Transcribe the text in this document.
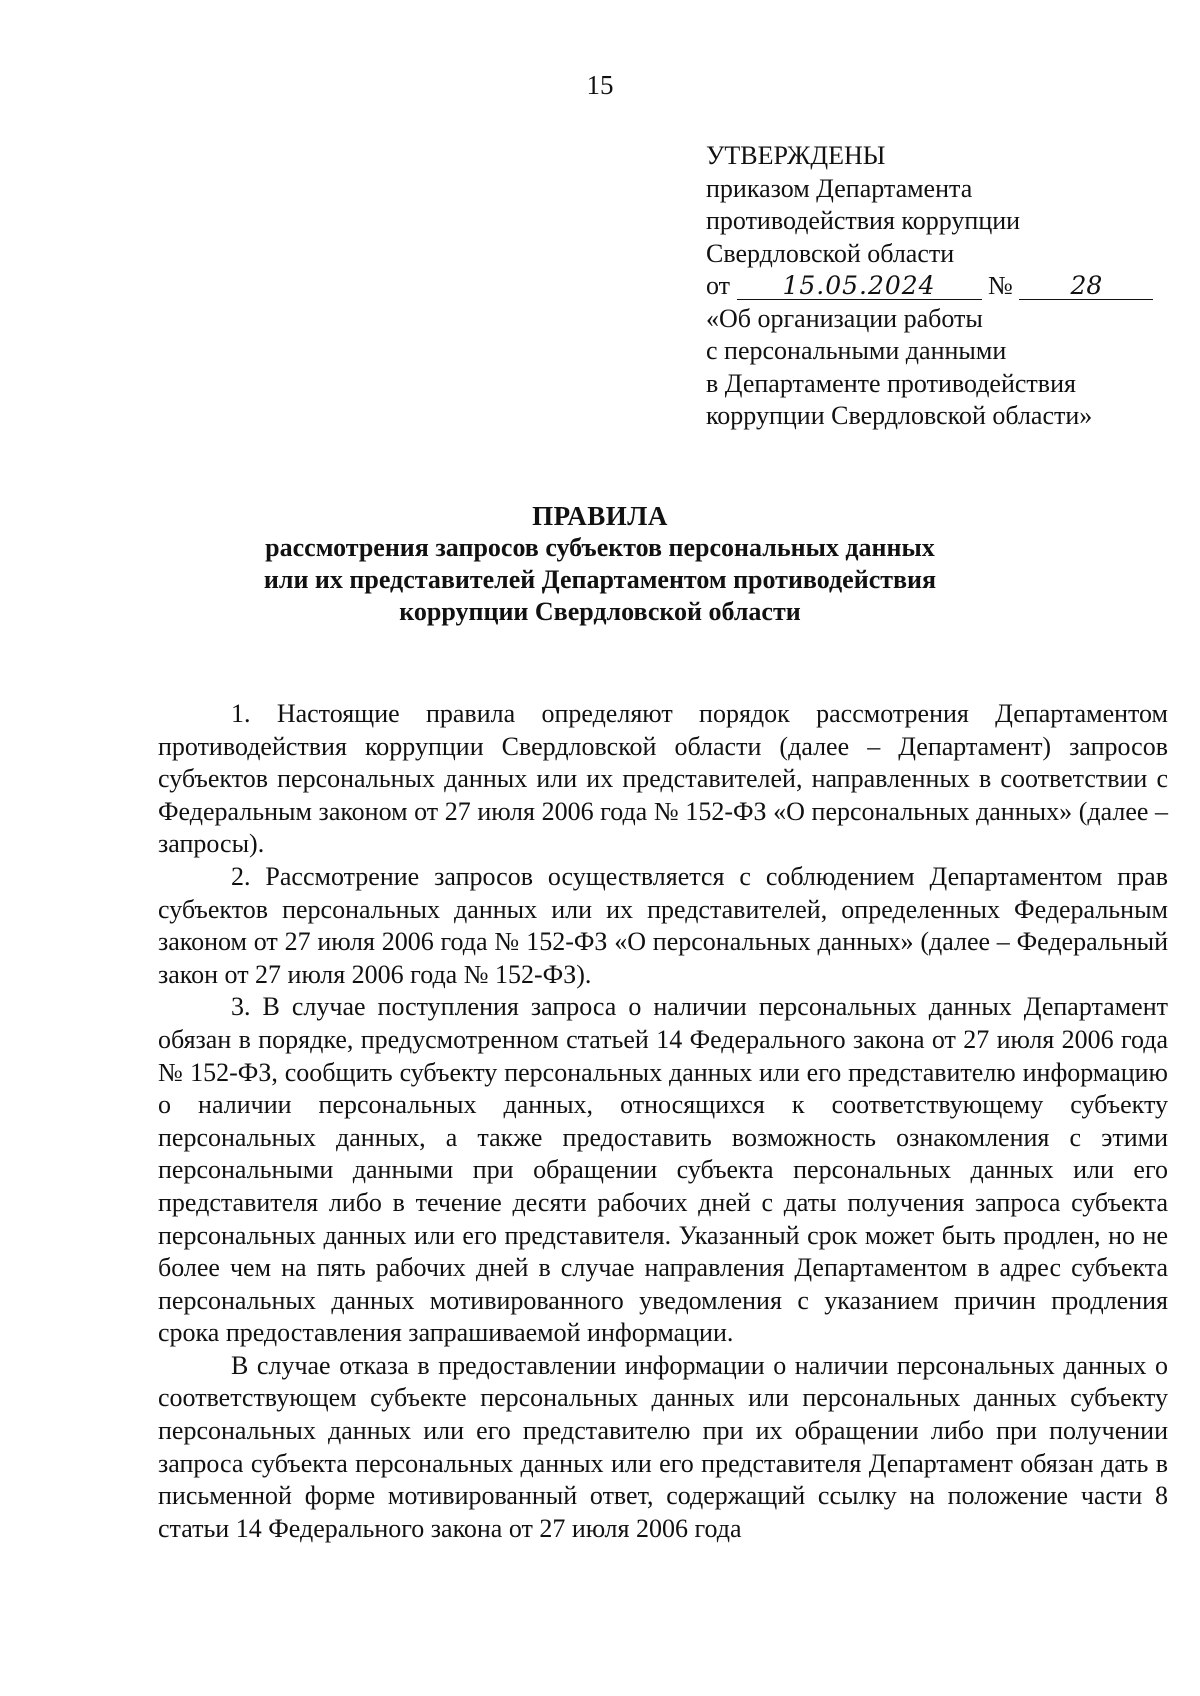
15
УТВЕРЖДЕНЫ
приказом Департамента
противодействия коррупции
Свердловской области
от 15.05.2024 № 28
«Об организации работы
с персональными данными
в Департаменте противодействия
коррупции Свердловской области»
ПРАВИЛА
рассмотрения запросов субъектов персональных данных
или их представителей Департаментом противодействия
коррупции Свердловской области

1. Настоящие правила определяют порядок рассмотрения Департаментом противодействия коррупции Свердловской области (далее – Департамент) запросов субъектов персональных данных или их представителей, направленных в соответствии с Федеральным законом от 27 июля 2006 года № 152-ФЗ «О персональных данных» (далее – запросы).

2. Рассмотрение запросов осуществляется с соблюдением Департаментом прав субъектов персональных данных или их представителей, определенных Федеральным законом от 27 июля 2006 года № 152-ФЗ «О персональных данных» (далее – Федеральный закон от 27 июля 2006 года № 152-ФЗ).

3. В случае поступления запроса о наличии персональных данных Департамент обязан в порядке, предусмотренном статьей 14 Федерального закона от 27 июля 2006 года № 152-ФЗ, сообщить субъекту персональных данных или его представителю информацию о наличии персональных данных, относящихся к соответствующему субъекту персональных данных, а также предоставить возможность ознакомления с этими персональными данными при обращении субъекта персональных данных или его представителя либо в течение десяти рабочих дней с даты получения запроса субъекта персональных данных или его представителя. Указанный срок может быть продлен, но не более чем на пять рабочих дней в случае направления Департаментом в адрес субъекта персональных данных мотивированного уведомления с указанием причин продления срока предоставления запрашиваемой информации.

В случае отказа в предоставлении информации о наличии персональных данных о соответствующем субъекте персональных данных или персональных данных субъекту персональных данных или его представителю при их обращении либо при получении запроса субъекта персональных данных или его представителя Департамент обязан дать в письменной форме мотивированный ответ, содержащий ссылку на положение части 8 статьи 14 Федерального закона от 27 июля 2006 года
